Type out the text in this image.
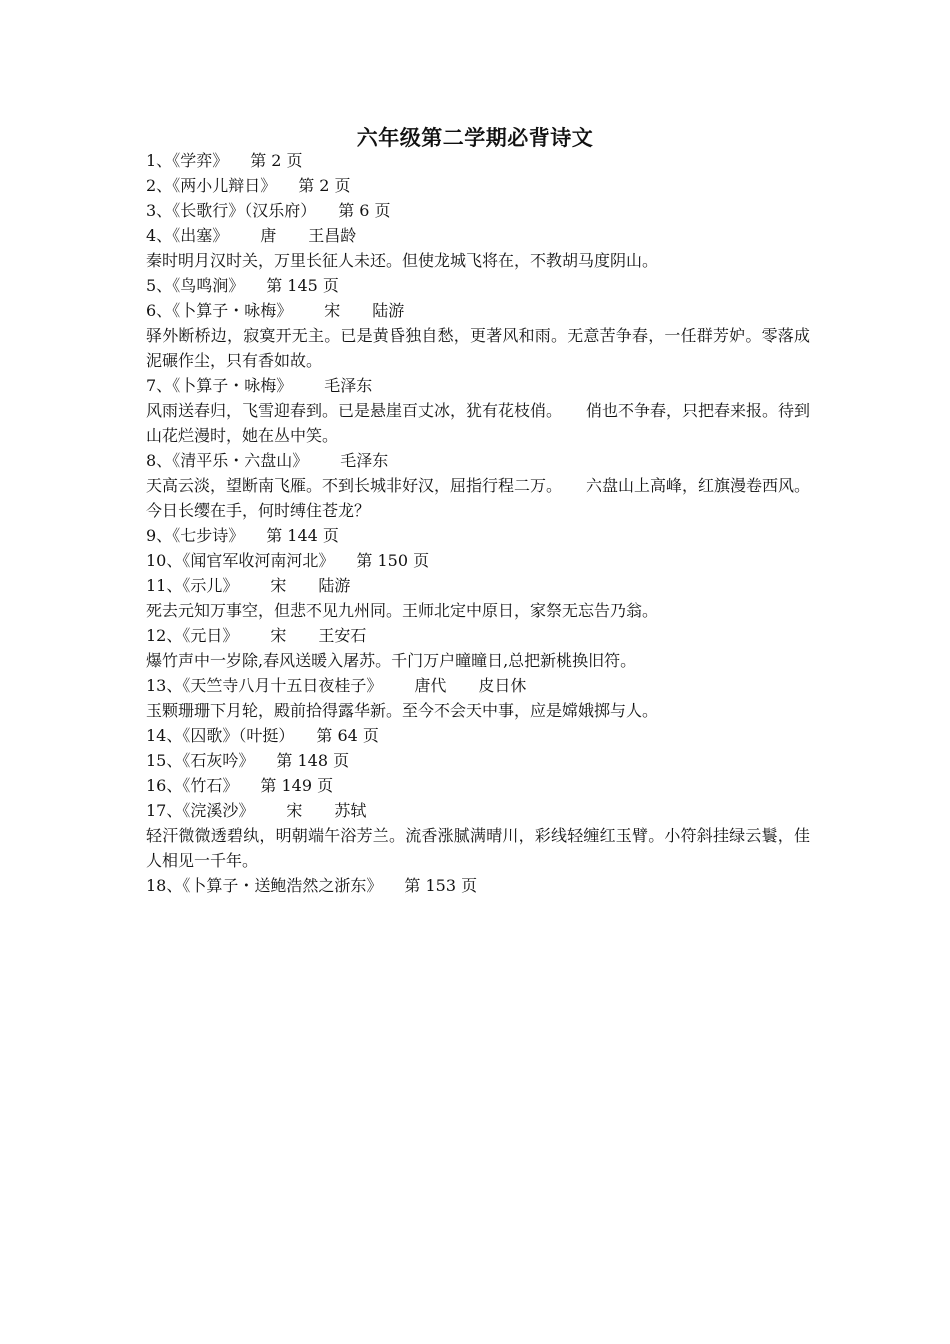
六年级第二学期必背诗文
1、《学弈》 第 2 页
2、《两小儿辩日》 第 2 页
3、《长歌行》（汉乐府） 第 6 页
4、《出塞》 唐 王昌龄
秦时明月汉时关，万里长征人未还。但使龙城飞将在，不教胡马度阴山。
5、《鸟鸣涧》 第 145 页
6、《卜算子・咏梅》 宋 陆游
驿外断桥边，寂寞开无主。已是黄昏独自愁，更著风和雨。无意苦争春，一任群芳妒。零落成泥碾作尘，只有香如故。
7、《卜算子・咏梅》 毛泽东
风雨送春归，飞雪迎春到。已是悬崖百丈冰，犹有花枝俏。　　俏也不争春，只把春来报。待到山花烂漫时，她在丛中笑。
8、《清平乐・六盘山》 毛泽东
天高云淡，望断南飞雁。不到长城非好汉，屈指行程二万。　　六盘山上高峰，红旗漫卷西风。今日长缨在手，何时缚住苍龙？
9、《七步诗》 第 144 页
10、《闻官军收河南河北》 第 150 页
11、《示儿》 宋 陆游
死去元知万事空，但悲不见九州同。王师北定中原日，家祭无忘告乃翁。
12、《元日》 宋 王安石
爆竹声中一岁除,春风送暖入屠苏。千门万户曈曈日,总把新桃换旧符。
13、《天竺寺八月十五日夜桂子》 唐代 皮日休
玉颗珊珊下月轮，殿前拾得露华新。至今不会天中事，应是嫦娥掷与人。
14、《囚歌》（叶挺） 第 64 页
15、《石灰吟》 第 148 页
16、《竹石》 第 149 页
17、《浣溪沙》 宋 苏轼
轻汗微微透碧纨，明朝端午浴芳兰。流香涨腻满晴川，彩线轻缠红玉臂。小符斜挂绿云鬟，佳人相见一千年。
18、《卜算子・送鲍浩然之浙东》 第 153 页
